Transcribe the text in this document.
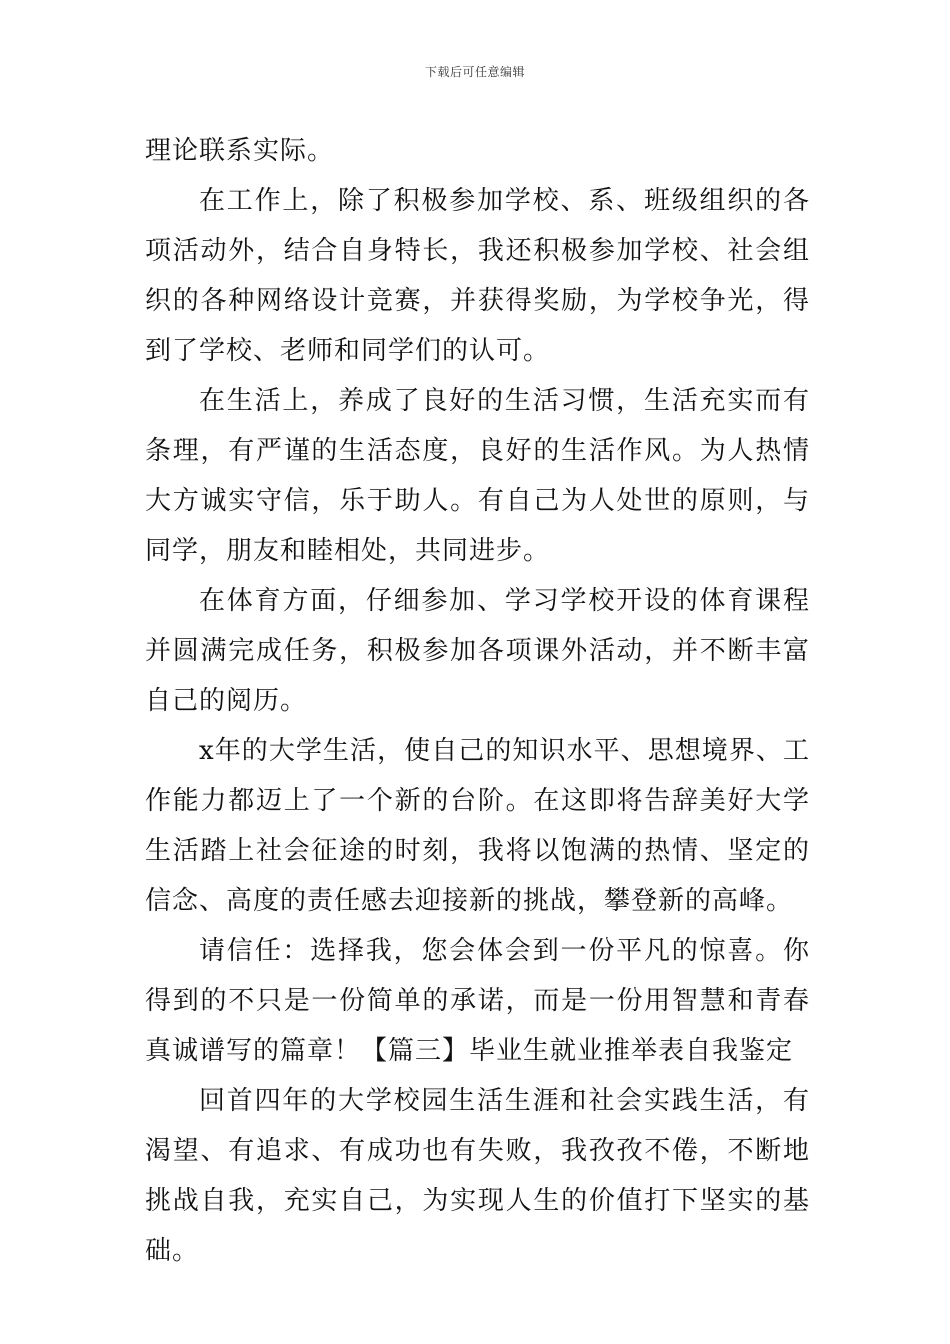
下载后可任意编辑

理论联系实际。

在工作上，除了积极参加学校、系、班级组织的各项活动外，结合自身特长，我还积极参加学校、社会组织的各种网络设计竞赛，并获得奖励，为学校争光，得到了学校、老师和同学们的认可。

在生活上，养成了良好的生活习惯，生活充实而有条理，有严谨的生活态度，良好的生活作风。为人热情大方诚实守信，乐于助人。有自己为人处世的原则，与同学，朋友和睦相处，共同进步。

在体育方面，仔细参加、学习学校开设的体育课程并圆满完成任务，积极参加各项课外活动，并不断丰富自己的阅历。

x年的大学生活，使自己的知识水平、思想境界、工作能力都迈上了一个新的台阶。在这即将告辞美好大学生活踏上社会征途的时刻，我将以饱满的热情、坚定的信念、高度的责任感去迎接新的挑战，攀登新的高峰。

请信任：选择我，您会体会到一份平凡的惊喜。你得到的不只是一份简单的承诺，而是一份用智慧和青春真诚谱写的篇章！【篇三】毕业生就业推举表自我鉴定

回首四年的大学校园生活生涯和社会实践生活，有渴望、有追求、有成功也有失败，我孜孜不倦，不断地挑战自我，充实自己，为实现人生的价值打下坚实的基础。
